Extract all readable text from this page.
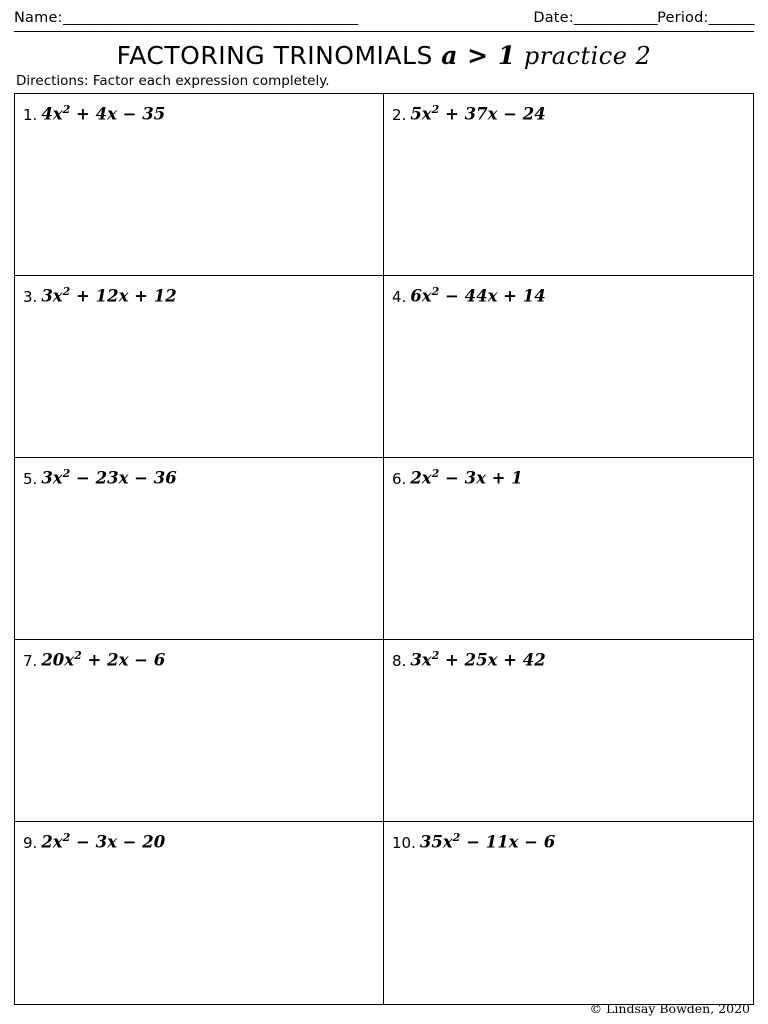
Name: _______________________________________	Date: ___________ Period: ______
FACTORING TRINOMIALS a > 1 practice 2
Directions: Factor each expression completely.
1. $4x^2 + 4x - 35$	2. $5x^2 + 37x - 24$
3. $3x^2 + 12x + 12$	4. $6x^2 - 44x + 14$
5. $3x^2 - 23x - 36$	6. $2x^2 - 3x + 1$
7. $20x^2 + 2x - 6$	8. $3x^2 + 25x + 42$
9. $2x^2 - 3x - 20$	10. $35x^2 - 11x - 6$
© Lindsay Bowden, 2020
